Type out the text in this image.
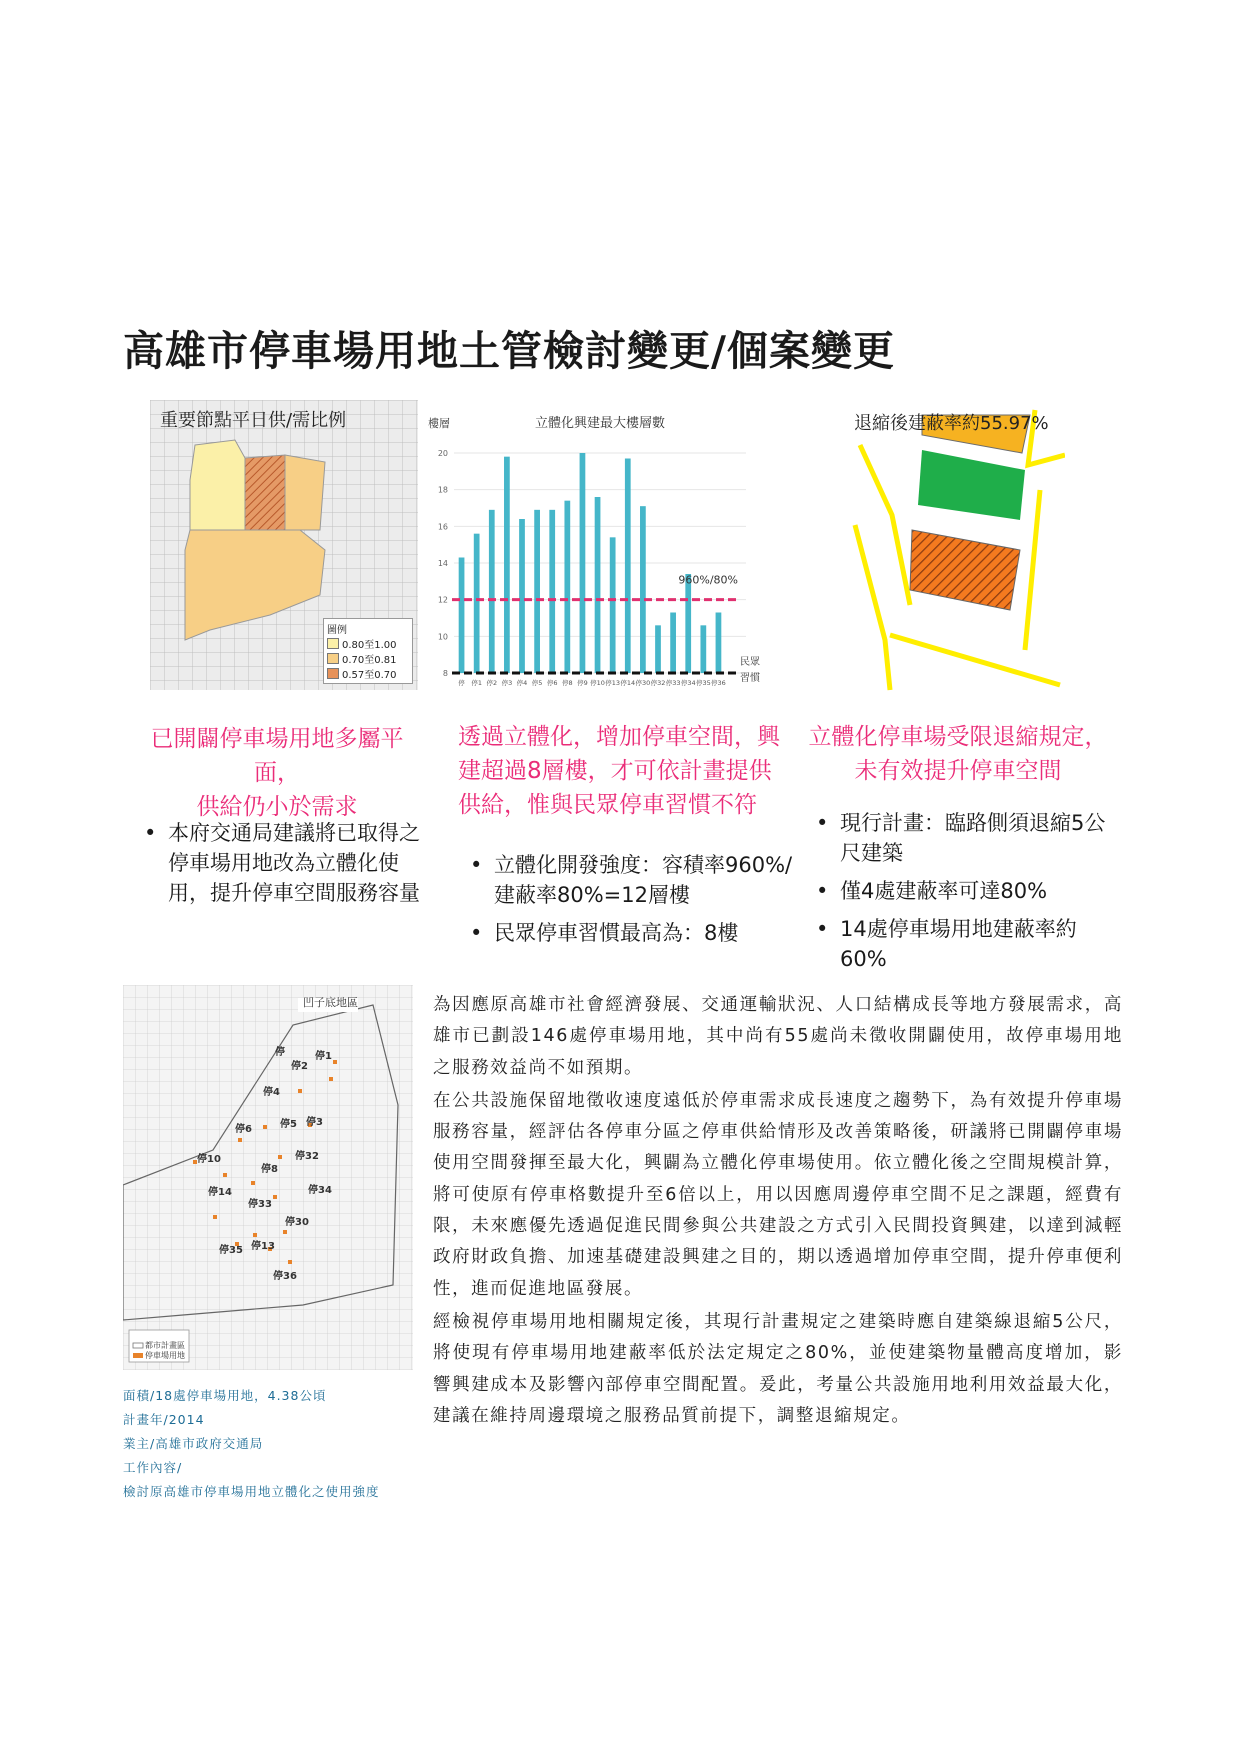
高雄市停車場用地土管檢討變更/個案變更
重要節點平日供/需比例
圖例
0.80至1.00
0.70至0.81
0.57至0.70
立體化興建最大樓層數
樓層
8
10
12
14
16
18
20
停 停1 停2 停3 停4 停5 停6 停8 停9 停10 停13 停14 停30 停32 停33 停34 停35 停36
960%/80%
民眾
習慣
退縮後建蔽率約55.97%
已開闢停車場用地多屬平面，
供給仍小於需求
• 本府交通局建議將已取得之停車場用地改為立體化使用，提升停車空間服務容量
透過立體化，增加停車空間，興
建超過8層樓，才可依計畫提供
供給，惟與民眾停車習慣不符
• 立體化開發強度：容積率960%/建蔽率80%=12層樓
• 民眾停車習慣最高為：8樓
立體化停車場受限退縮規定，
未有效提升停車空間
• 現行計畫：臨路側須退縮5公尺建築
• 僅4處建蔽率可達80%
• 14處停車場用地建蔽率約60%
凹子底地區
停	停1
停2
停3
停4
停5
停6
停8
停10
停13
停14
停30
停32
停33
停34
停35
停36
都市計畫區
停車場用地
面積/18處停車場用地，4.38公頃
計畫年/2014
業主/高雄市政府交通局
工作內容/
檢討原高雄市停車場用地立體化之使用強度

為因應原高雄市社會經濟發展、交通運輸狀況、人口結構成長等地方發展需求，高雄市已劃設146處停車場用地，其中尚有55處尚未徵收開闢使用，故停車場用地之服務效益尚不如預期。

在公共設施保留地徵收速度遠低於停車需求成長速度之趨勢下，為有效提升停車場服務容量，經評估各停車分區之停車供給情形及改善策略後，研議將已開闢停車場使用空間發揮至最大化，興闢為立體化停車場使用。依立體化後之空間規模計算，將可使原有停車格數提升至6倍以上，用以因應周邊停車空間不足之課題，經費有限，未來應優先透過促進民間參與公共建設之方式引入民間投資興建，以達到減輕政府財政負擔、加速基礎建設興建之目的，期以透過增加停車空間，提升停車便利性，進而促進地區發展。

經檢視停車場用地相關規定後，其現行計畫規定之建築時應自建築線退縮5公尺，將使現有停車場用地建蔽率低於法定規定之80%，並使建築物量體高度增加，影響興建成本及影響內部停車空間配置。爰此，考量公共設施用地利用效益最大化，建議在維持周邊環境之服務品質前提下，調整退縮規定。
